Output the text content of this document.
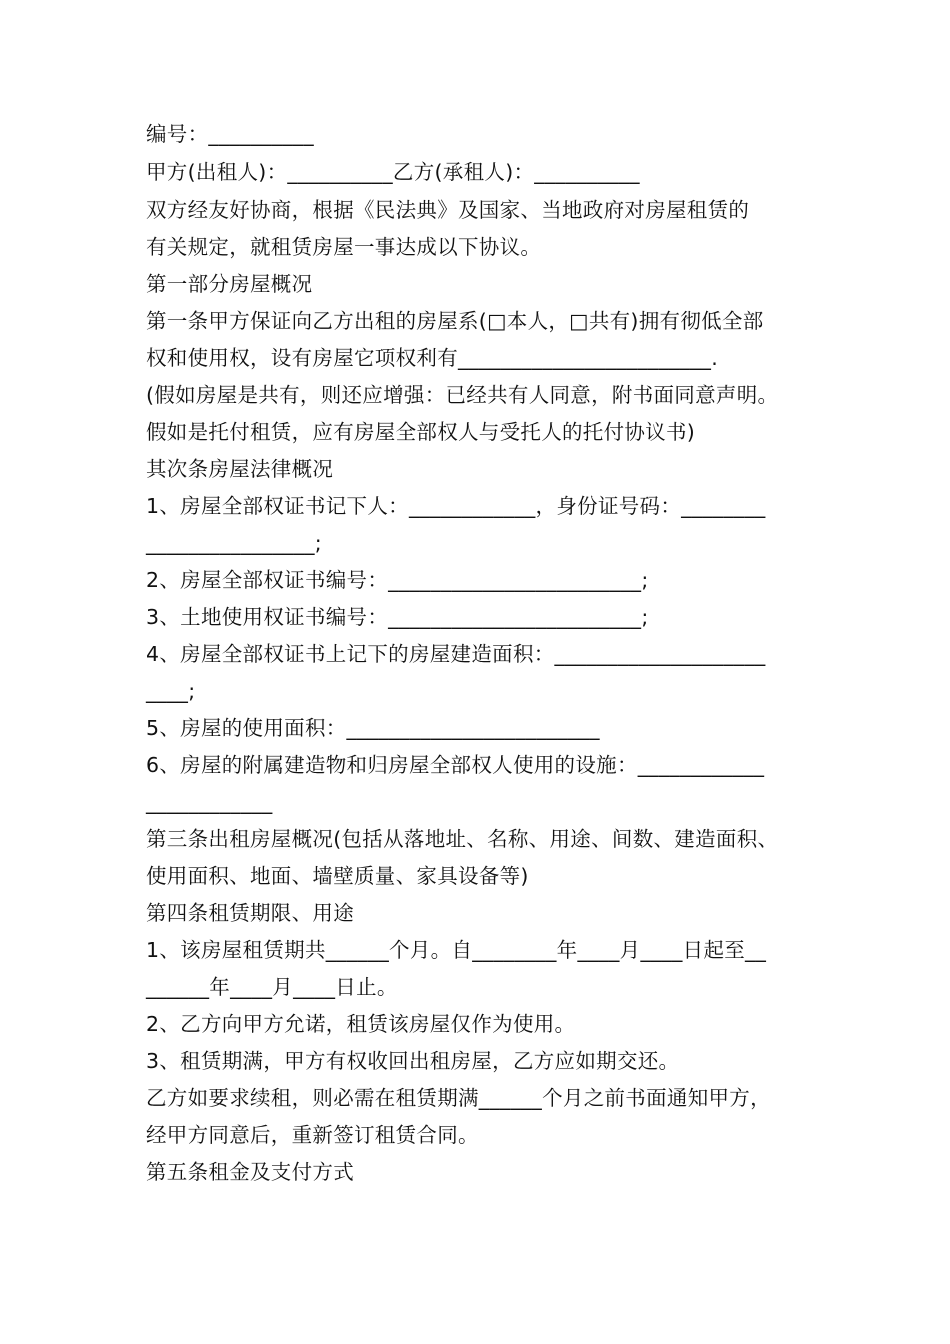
编号：__________
甲方(出租人)：__________乙方(承租人)：__________
双方经友好协商，根据《民法典》及国家、当地政府对房屋租赁的
有关规定，就租赁房屋一事达成以下协议。
第一部分房屋概况
第一条甲方保证向乙方出租的房屋系(□本人，□共有)拥有彻低全部
权和使用权，设有房屋它项权利有________________________.
(假如房屋是共有，则还应增强：已经共有人同意，附书面同意声明。
假如是托付租赁，应有房屋全部权人与受托人的托付协议书)
其次条房屋法律概况
1、房屋全部权证书记下人：____________，身份证号码：________
________________;
2、房屋全部权证书编号：________________________;
3、土地使用权证书编号：________________________;
4、房屋全部权证书上记下的房屋建造面积：____________________
____;
5、房屋的使用面积：________________________
6、房屋的附属建造物和归房屋全部权人使用的设施：____________
____________
第三条出租房屋概况(包括从落地址、名称、用途、间数、建造面积、
使用面积、地面、墙壁质量、家具设备等)
第四条租赁期限、用途
1、该房屋租赁期共______个月。自________年____月____日起至__
______年____月____日止。
2、乙方向甲方允诺，租赁该房屋仅作为使用。
3、租赁期满，甲方有权收回出租房屋，乙方应如期交还。
乙方如要求续租，则必需在租赁期满______个月之前书面通知甲方，
经甲方同意后，重新签订租赁合同。
第五条租金及支付方式
